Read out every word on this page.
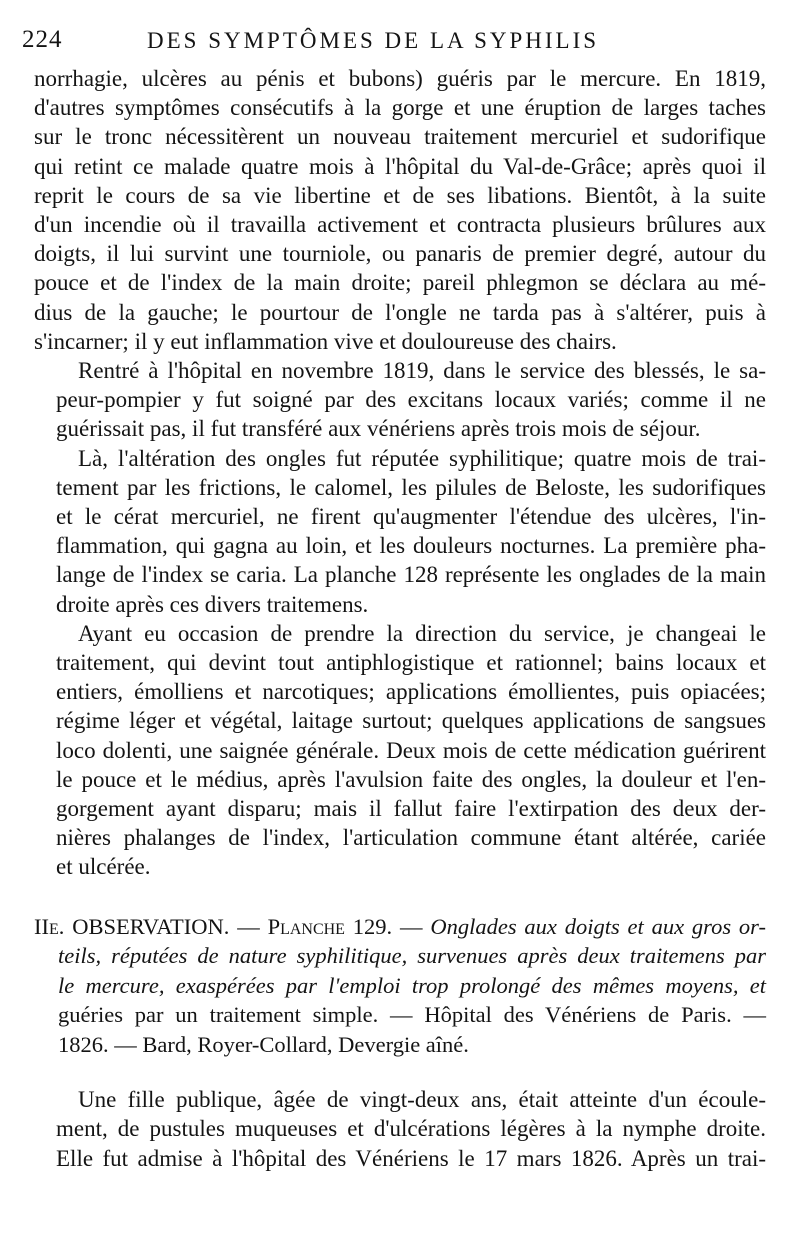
224	DES SYMPTÔMES DE LA SYPHILIS

norrhagie, ulcères au pénis et bubons) guéris par le mercure. En 1819,
d'autres symptômes consécutifs à la gorge et une éruption de larges taches
sur le tronc nécessitèrent un nouveau traitement mercuriel et sudorifique
qui retint ce malade quatre mois à l'hôpital du Val-de-Grâce; après quoi il
reprit le cours de sa vie libertine et de ses libations. Bientôt, à la suite
d'un incendie où il travailla activement et contracta plusieurs brûlures aux
doigts, il lui survint une tourniole, ou panaris de premier degré, autour du
pouce et de l'index de la main droite; pareil phlegmon se déclara au mé-
dius de la gauche; le pourtour de l'ongle ne tarda pas à s'altérer, puis à
s'incarner; il y eut inflammation vive et douloureuse des chairs.

Rentré à l'hôpital en novembre 1819, dans le service des blessés, le sa-
peur-pompier y fut soigné par des excitans locaux variés; comme il ne
guérissait pas, il fut transféré aux vénériens après trois mois de séjour.

Là, l'altération des ongles fut réputée syphilitique; quatre mois de trai-
tement par les frictions, le calomel, les pilules de Beloste, les sudorifiques
et le cérat mercuriel, ne firent qu'augmenter l'étendue des ulcères, l'in-
flammation, qui gagna au loin, et les douleurs nocturnes. La première pha-
lange de l'index se caria. La planche 128 représente les onglades de la main
droite après ces divers traitemens.

Ayant eu occasion de prendre la direction du service, je changeai le
traitement, qui devint tout antiphlogistique et rationnel; bains locaux et
entiers, émolliens et narcotiques; applications émollientes, puis opiacées;
régime léger et végétal, laitage surtout; quelques applications de sangsues
loco dolenti, une saignée générale. Deux mois de cette médication guérirent
le pouce et le médius, après l'avulsion faite des ongles, la douleur et l'en-
gorgement ayant disparu; mais il fallut faire l'extirpation des deux der-
nières phalanges de l'index, l'articulation commune étant altérée, cariée
et ulcérée.

IIe. OBSERVATION. — Planche 129. — Onglades aux doigts et aux gros or-
teils, réputées de nature syphilitique, survenues après deux traitemens par
le mercure, exaspérées par l'emploi trop prolongé des mêmes moyens, et
guéries par un traitement simple. — Hôpital des Vénériens de Paris. —
1826. — Bard, Royer-Collard, Devergie aîné.

Une fille publique, âgée de vingt-deux ans, était atteinte d'un écoule-
ment, de pustules muqueuses et d'ulcérations légères à la nymphe droite.
Elle fut admise à l'hôpital des Vénériens le 17 mars 1826. Après un trai-
